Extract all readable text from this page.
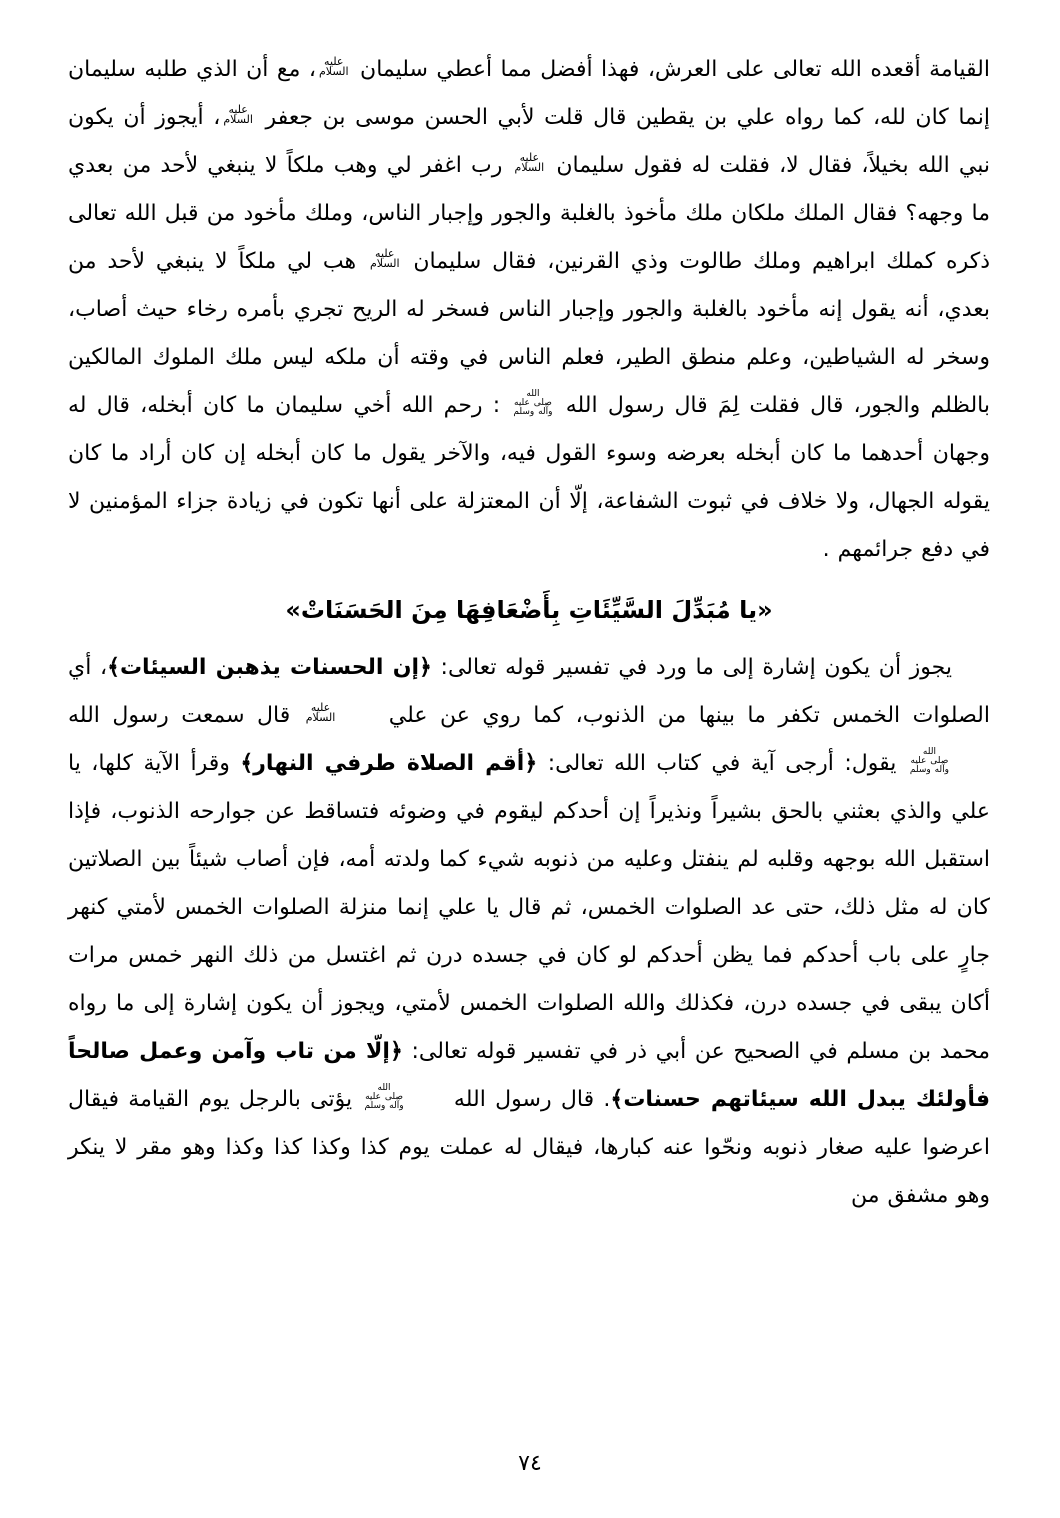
القيامة أقعده الله تعالى على العرش، فهذا أفضل مما أعطي سليمان
عليه
السلام
، مع أن الذي طلبه سليمان إنما كان لله، كما رواه علي بن يقطين قال قلت لأبي الحسن موسى بن جعفر
عليه
السلام
، أيجوز أن يكون نبي الله بخيلاً، فقال لا، فقلت له فقول سليمان
عليه
السلام
رب اغفر لي وهب ملكاً لا ينبغي لأحد من بعدي ما وجهه؟ فقال الملك ملكان ملك مأخوذ بالغلبة والجور وإجبار الناس، وملك مأخود من قبل الله تعالى ذكره كملك ابراهيم وملك طالوت وذي القرنين، فقال سليمان
عليه
السلام
هب لي ملكاً لا ينبغي لأحد من بعدي، أنه يقول إنه مأخود بالغلبة والجور وإجبار الناس فسخر له الريح تجري بأمره رخاء حيث أصاب، وسخر له الشياطين، وعلم منطق الطير، فعلم الناس في وقته أن ملكه ليس ملك الملوك المالكين بالظلم والجور، قال فقلت لِمَ قال رسول الله
الله
صلى عليه
وآله وسلم
: رحم الله أخي سليمان ما كان أبخله، قال له وجهان أحدهما ما كان أبخله بعرضه وسوء القول فيه، والآخر يقول ما كان أبخله إن كان أراد ما كان يقوله الجهال، ولا خلاف في ثبوت الشفاعة، إلّا أن المعتزلة على أنها تكون في زيادة جزاء المؤمنين لا في دفع جرائمهم .
«يا مُبَدِّلَ السَّيِّئَاتِ بِأَضْعَافِهَا مِنَ الحَسَنَاتْ»
يجوز أن يكون إشارة إلى ما ورد في تفسير قوله تعالى: ﴿إن الحسنات يذهبن السيئات﴾، أي الصلوات الخمس تكفر ما بينها من الذنوب، كما روي عن علي
عليه
السلام
قال سمعت رسول الله
الله
صلى عليه
وآله وسلم
يقول: أرجى آية في كتاب الله تعالى: ﴿أقم الصلاة طرفي النهار﴾ وقرأ الآية كلها، يا علي والذي بعثني بالحق بشيراً ونذيراً إن أحدكم ليقوم في وضوئه فتساقط عن جوارحه الذنوب، فإذا استقبل الله بوجهه وقلبه لم ينفتل وعليه من ذنوبه شيء كما ولدته أمه، فإن أصاب شيئاً بين الصلاتين كان له مثل ذلك، حتى عد الصلوات الخمس، ثم قال يا علي إنما منزلة الصلوات الخمس لأمتي كنهر جارٍ على باب أحدكم فما يظن أحدكم لو كان في جسده درن ثم اغتسل من ذلك النهر خمس مرات أكان يبقى في جسده درن، فكذلك والله الصلوات الخمس لأمتي، ويجوز أن يكون إشارة إلى ما رواه محمد بن مسلم في الصحيح عن أبي ذر في تفسير قوله تعالى: ﴿إلّا من تاب وآمن وعمل صالحاً فأولئك يبدل الله سيئاتهم حسنات﴾. قال رسول الله
الله
صلى عليه
وآله وسلم
يؤتى بالرجل يوم القيامة فيقال اعرضوا عليه صغار ذنوبه ونحّوا عنه كبارها، فيقال له عملت يوم كذا وكذا كذا وكذا وهو مقر لا ينكر وهو مشفق من
٧٤
